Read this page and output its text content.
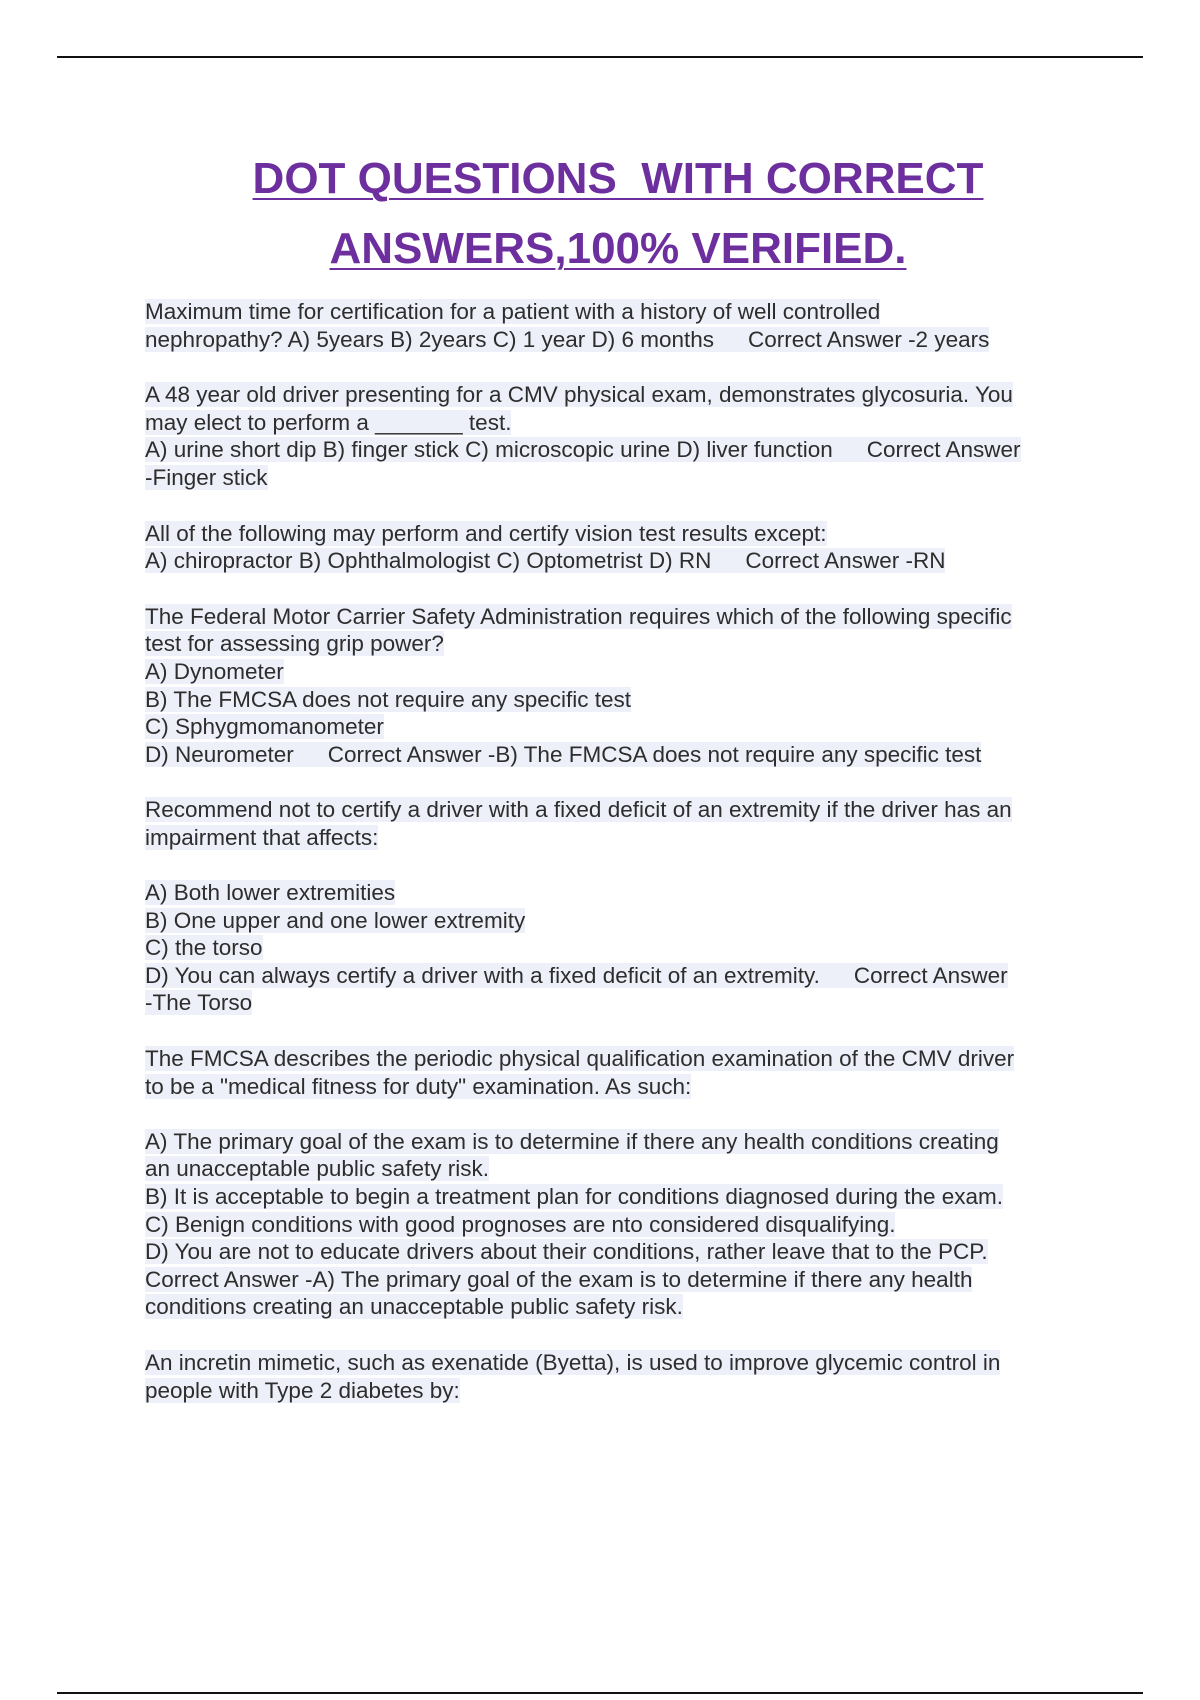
DOT QUESTIONS  WITH CORRECT
ANSWERS,100% VERIFIED.
Maximum time for certification for a patient with a history of well controlled
nephropathy? A) 5years B) 2years C) 1 year D) 6 months Correct Answer -2 years
A 48 year old driver presenting for a CMV physical exam, demonstrates glycosuria. You
may elect to perform a _______ test.
A) urine short dip B) finger stick C) microscopic urine D) liver function Correct Answer
-Finger stick
All of the following may perform and certify vision test results except:
A) chiropractor B) Ophthalmologist C) Optometrist D) RN Correct Answer -RN
The Federal Motor Carrier Safety Administration requires which of the following specific
test for assessing grip power?
A) Dynometer
B) The FMCSA does not require any specific test
C) Sphygmomanometer
D) Neurometer Correct Answer -B) The FMCSA does not require any specific test
Recommend not to certify a driver with a fixed deficit of an extremity if the driver has an
impairment that affects:
A) Both lower extremities
B) One upper and one lower extremity
C) the torso
D) You can always certify a driver with a fixed deficit of an extremity. Correct Answer
-The Torso
The FMCSA describes the periodic physical qualification examination of the CMV driver
to be a "medical fitness for duty" examination. As such:
A) The primary goal of the exam is to determine if there any health conditions creating
an unacceptable public safety risk.
B) It is acceptable to begin a treatment plan for conditions diagnosed during the exam.
C) Benign conditions with good prognoses are nto considered disqualifying.
D) You are not to educate drivers about their conditions, rather leave that to the PCP.
Correct Answer -A) The primary goal of the exam is to determine if there any health
conditions creating an unacceptable public safety risk.
An incretin mimetic, such as exenatide (Byetta), is used to improve glycemic control in
people with Type 2 diabetes by:
